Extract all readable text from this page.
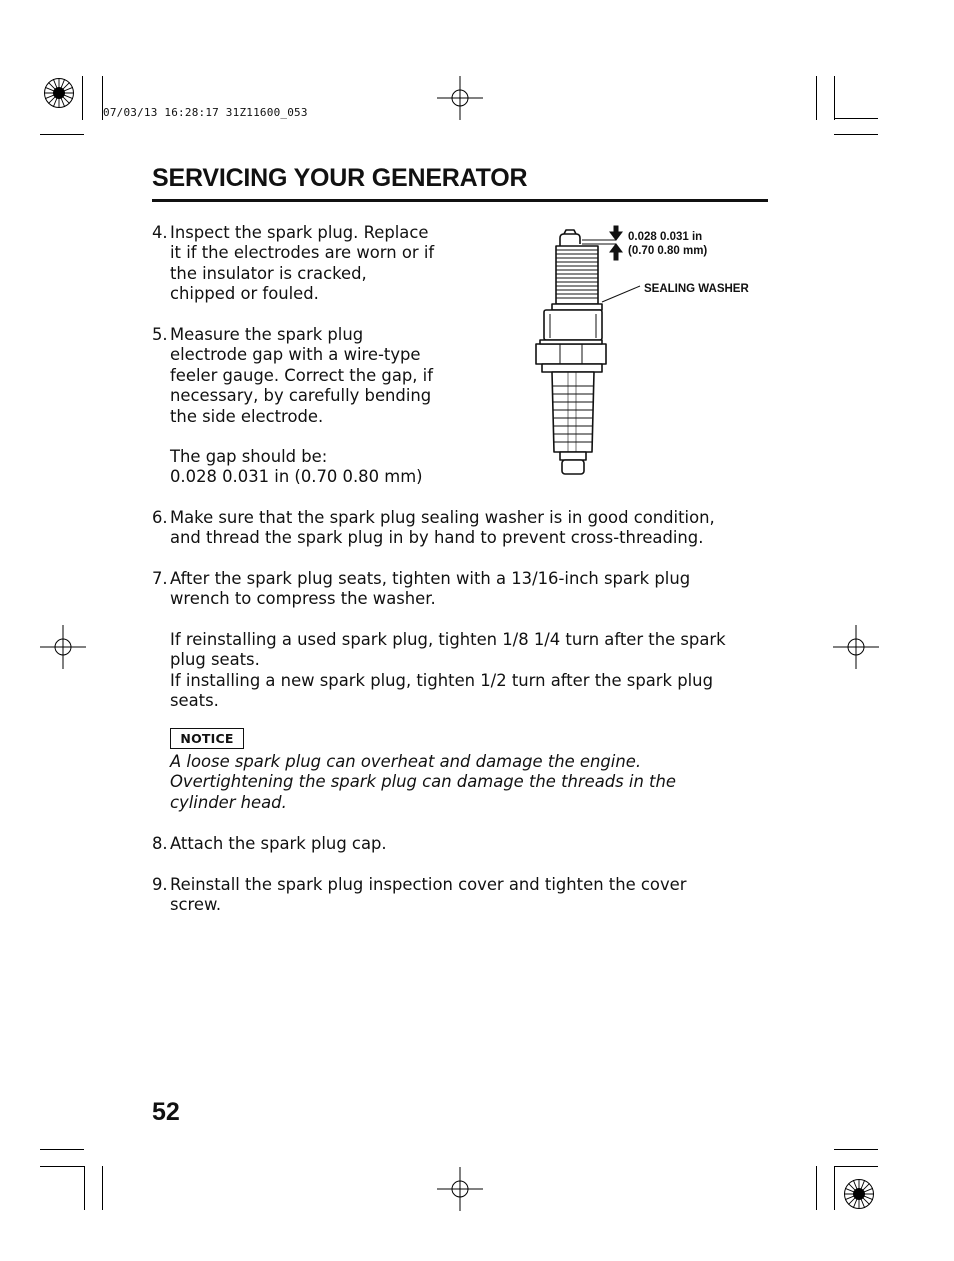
07/03/13 16:28:17 31Z11600_053
SERVICING YOUR GENERATOR
4. Inspect the spark plug. Replace
it if the electrodes are worn or if
the insulator is cracked,
chipped or fouled.
5. Measure the spark plug
electrode gap with a wire-type
feeler gauge. Correct the gap, if
necessary, by carefully bending
the side electrode.
The gap should be:
0.028 0.031 in (0.70 0.80 mm)
0.028 0.031 in
(0.70 0.80 mm)
SEALING WASHER
6. Make sure that the spark plug sealing washer is in good condition,
and thread the spark plug in by hand to prevent cross-threading.
7. After the spark plug seats, tighten with a 13/16-inch spark plug
wrench to compress the washer.
If reinstalling a used spark plug, tighten 1/8 1/4 turn after the spark
plug seats.
If installing a new spark plug, tighten 1/2 turn after the spark plug
seats.
NOTICE
A loose spark plug can overheat and damage the engine.
Overtightening the spark plug can damage the threads in the
cylinder head.
8. Attach the spark plug cap.
9. Reinstall the spark plug inspection cover and tighten the cover
screw.
52
